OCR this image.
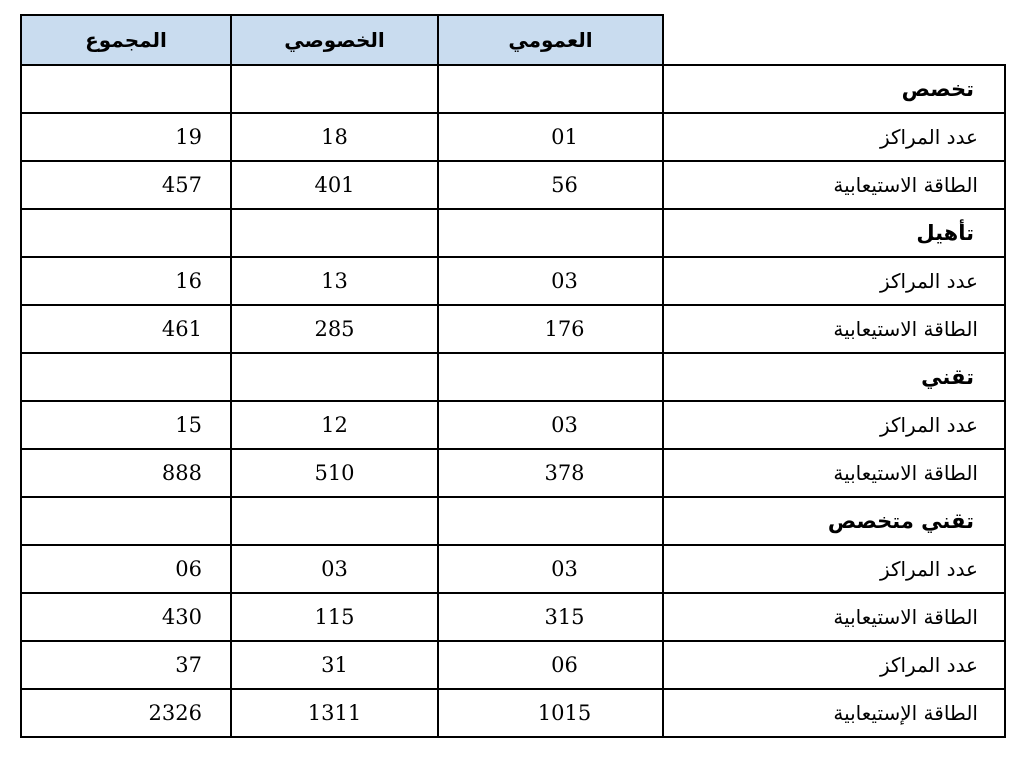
المجموع	الخصوصي	العمومي	
			تخصص
19	18	01	عدد المراكز
457	401	56	الطاقة الاستيعابية
			تأهيل
16	13	03	عدد المراكز
461	285	176	الطاقة الاستيعابية
			تقني
15	12	03	عدد المراكز
888	510	378	الطاقة الاستيعابية
			تقني متخصص
06	03	03	عدد المراكز
430	115	315	الطاقة الاستيعابية
37	31	06	عدد المراكز
2326	1311	1015	الطاقة الإستيعابية
